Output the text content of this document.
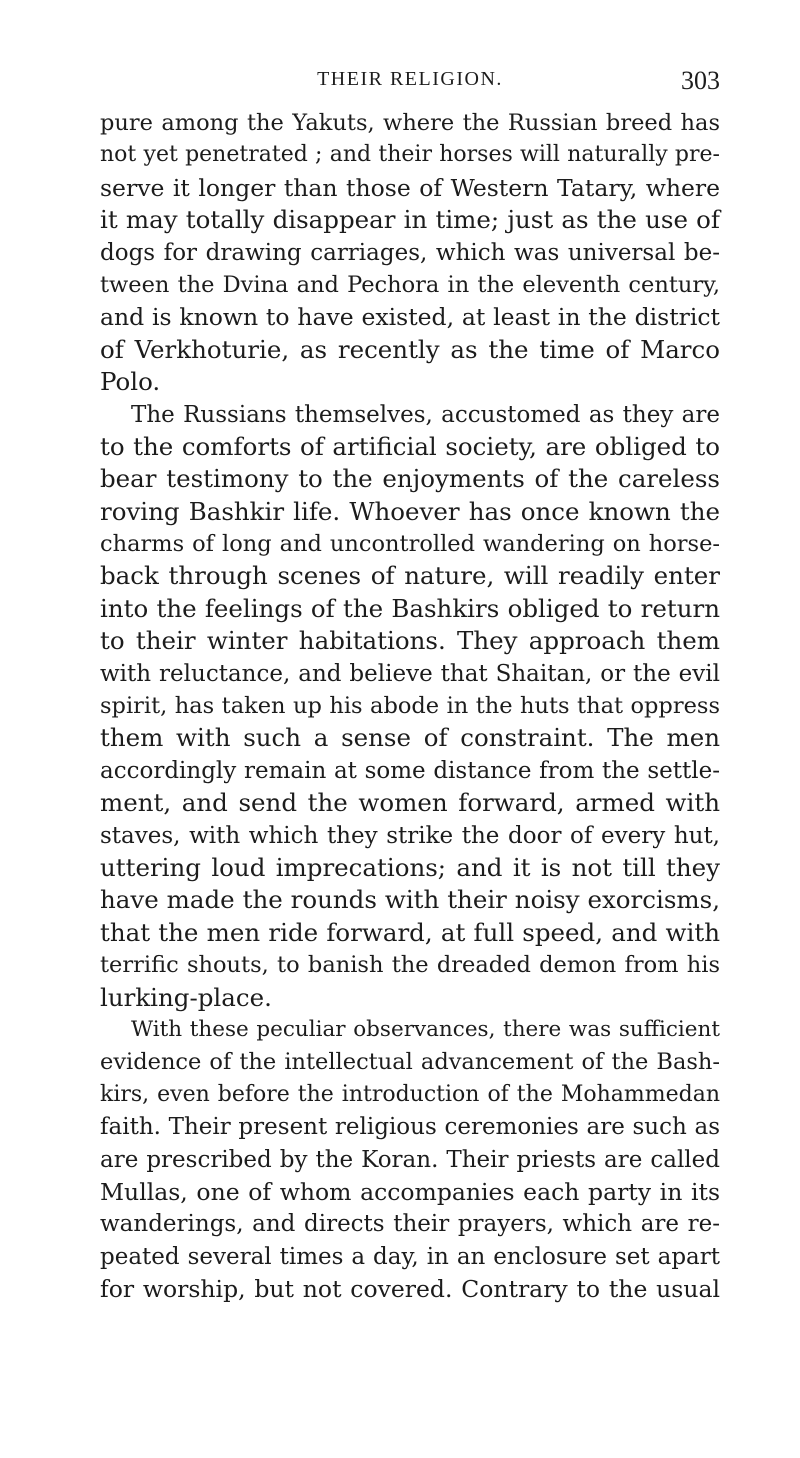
THEIR RELIGION.	303
pure among the Yakuts, where the Russian breed has
not yet penetrated ; and their horses will naturally pre-
serve it longer than those of Western Tatary, where
it may totally disappear in time; just as the use of
dogs for drawing carriages, which was universal be-
tween the Dvina and Pechora in the eleventh century,
and is known to have existed, at least in the district
of Verkhoturie, as recently as the time of Marco
Polo.
The Russians themselves, accustomed as they are
to the comforts of artificial society, are obliged to
bear testimony to the enjoyments of the careless
roving Bashkir life. Whoever has once known the
charms of long and uncontrolled wandering on horse-
back through scenes of nature, will readily enter
into the feelings of the Bashkirs obliged to return
to their winter habitations. They approach them
with reluctance, and believe that Shaitan, or the evil
spirit, has taken up his abode in the huts that oppress
them with such a sense of constraint. The men
accordingly remain at some distance from the settle-
ment, and send the women forward, armed with
staves, with which they strike the door of every hut,
uttering loud imprecations; and it is not till they
have made the rounds with their noisy exorcisms,
that the men ride forward, at full speed, and with
terrific shouts, to banish the dreaded demon from his
lurking-place.
With these peculiar observances, there was sufficient
evidence of the intellectual advancement of the Bash-
kirs, even before the introduction of the Mohammedan
faith. Their present religious ceremonies are such as
are prescribed by the Koran. Their priests are called
Mullas, one of whom accompanies each party in its
wanderings, and directs their prayers, which are re-
peated several times a day, in an enclosure set apart
for worship, but not covered. Contrary to the usual
